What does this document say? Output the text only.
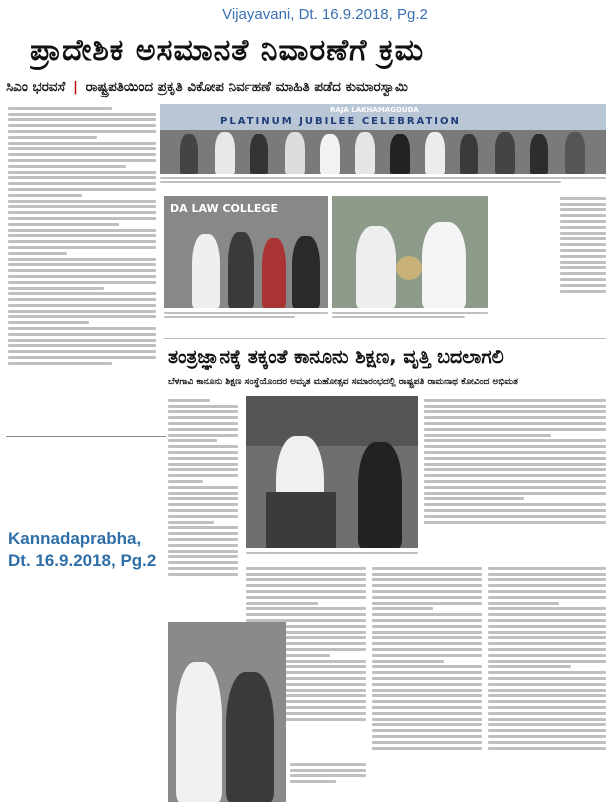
Vijayavani, Dt. 16.9.2018, Pg.2
ಪ್ರಾದೇಶಿಕ ಅಸಮಾನತೆ ನಿವಾರಣೆಗೆ ಕ್ರಮ
ಸಿಎಂ ಭರವಸೆ | ರಾಷ್ಟ್ರಪತಿಯಿಂದ ಪ್ರಕೃತಿ ವಿಕೋಪ ನಿರ್ವಹಣೆ ಮಾಹಿತಿ ಪಡೆದ ಕುಮಾರಸ್ವಾಮಿ
RAJA LAKHAMAGOUDA
PLATINUM JUBILEE CELEBRATION
DA LAW COLLEGE
ತಂತ್ರಜ್ಞಾನಕ್ಕೆ ತಕ್ಕಂತೆ ಕಾನೂನು ಶಿಕ್ಷಣ, ವೃತ್ತಿ ಬದಲಾಗಲಿ
ಬೆಳಗಾವಿ ಕಾನೂನು ಶಿಕ್ಷಣ ಸಂಸ್ಥೆಯೊಂದರ ಅಮೃತ ಮಹೋತ್ಸವ ಸಮಾರಂಭದಲ್ಲಿ ರಾಷ್ಟ್ರಪತಿ ರಾಮನಾಥ ಕೋವಿಂದ ಅಭಿಮತ
Kannadaprabha,
Dt. 16.9.2018, Pg.2
